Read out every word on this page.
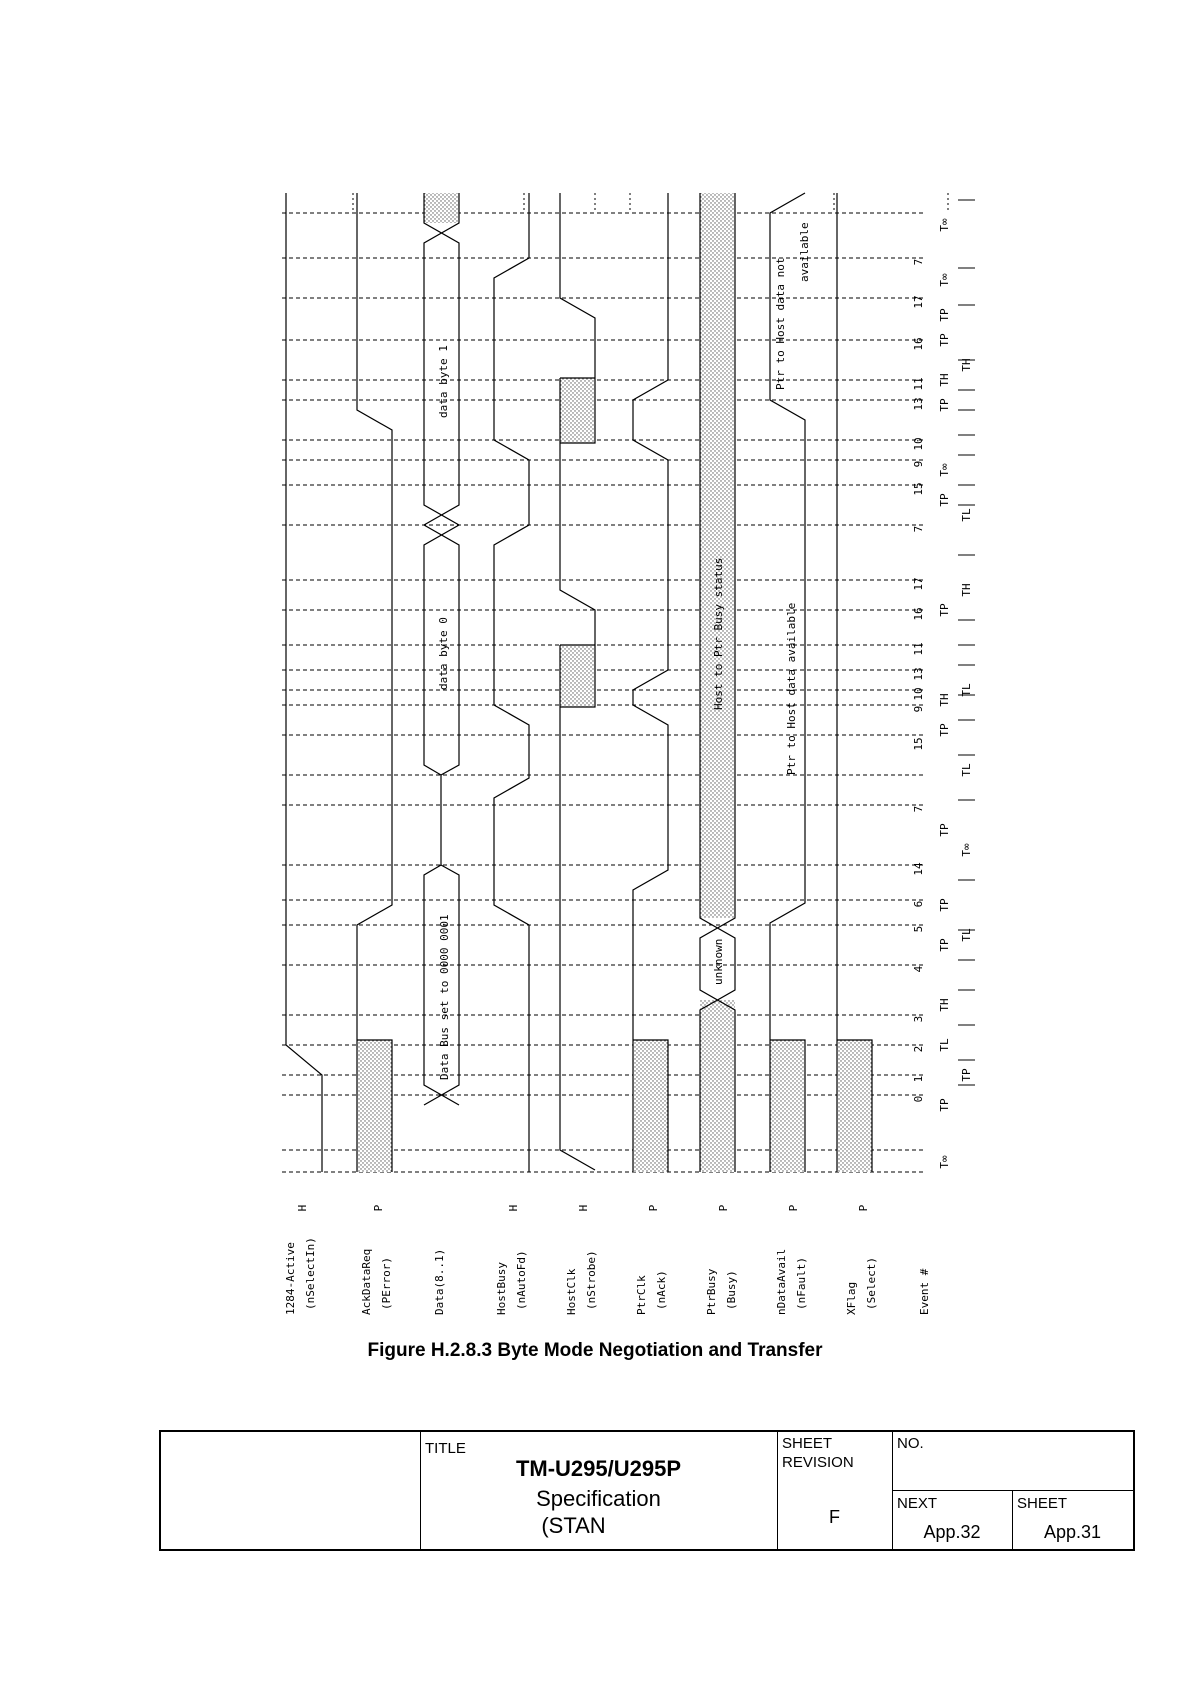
Data Bus set to 0000 0001
data byte 0
data byte 1
unknown
Host to Ptr Busy status	Ptr to Host data available
Ptr to Host data not
available
1284-Active (nSelectIn)
H
AckDataReq (PError)
P
Data(8..1)	HostBusy (nAutoFd)
H
HostClk (nStrobe)
H
PtrClk (nAck)
P
PtrBusy (Busy)
P
nDataAvail (nFault)
P
XFlag (Select)
P
Event #
0
1
2
3
4
5
6
14
7
15
9
10
13
11
16
17
7
15
9
10
13
11
16
17
7
T∞
TP
TL
TH
TP
TP
TP
TP
TH
TP
TP
T∞
TP
TH
TP
TP
T∞
T∞
TP
TL
T∞
TL
TL
TH
TL
TH
Figure H.2.8.3 Byte Mode Negotiation and Transfer
TITLE
TM-U295/U295P
Specification
(STAN
SHEET
REVISION
F
NO.
NEXT
App.32
SHEET
App.31
